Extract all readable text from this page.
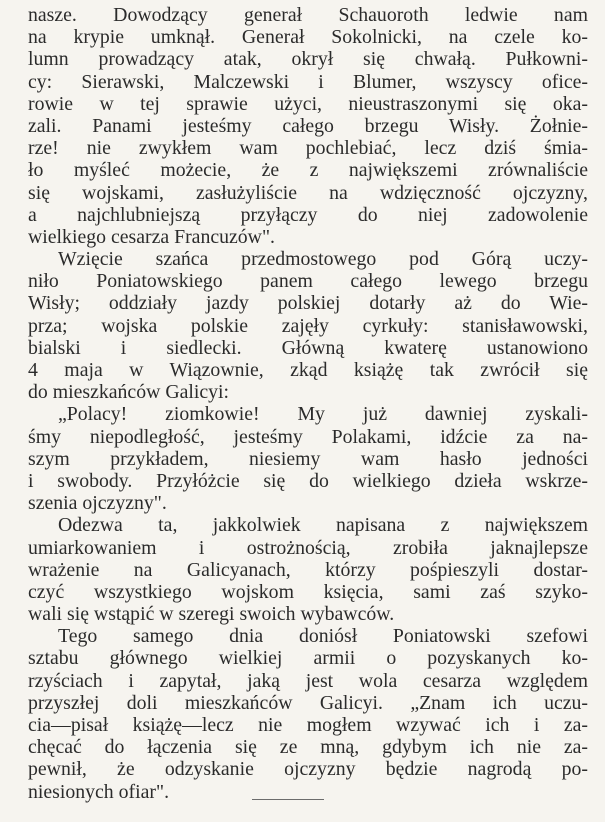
nasze. Dowodzący generał Schauoroth ledwie nam
na krypie umknął. Generał Sokolnicki, na czele ko-
lumn prowadzący atak, okrył się chwałą. Pułkowni-
cy: Sierawski, Malczewski i Blumer, wszyscy ofice-
rowie w tej sprawie użyci, nieustraszonymi się oka-
zali. Panami jesteśmy całego brzegu Wisły. Żołnie-
rze! nie zwykłem wam pochlebiać, lecz dziś śmia-
ło myśleć możecie, że z największemi zrównaliście
się wojskami, zasłużyliście na wdzięczność ojczyzny,
a najchlubniejszą przyłączy do niej zadowolenie
wielkiego cesarza Francuzów".
Wzięcie szańca przedmostowego pod Górą uczy-
niło Poniatowskiego panem całego lewego brzegu
Wisły; oddziały jazdy polskiej dotarły aż do Wie-
prza; wojska polskie zajęły cyrkuły: stanisławowski,
bialski i siedlecki. Główną kwaterę ustanowiono
4 maja w Wiązownie, zkąd książę tak zwrócił się
do mieszkańców Galicyi:
„Polacy! ziomkowie! My już dawniej zyskali-
śmy niepodległość, jesteśmy Polakami, idźcie za na-
szym przykładem, niesiemy wam hasło jedności
i swobody. Przyłóżcie się do wielkiego dzieła wskrze-
szenia ojczyzny".
Odezwa ta, jakkolwiek napisana z największem
umiarkowaniem i ostrożnością, zrobiła jaknajlepsze
wrażenie na Galicyanach, którzy pośpieszyli dostar-
czyć wszystkiego wojskom księcia, sami zaś szyko-
wali się wstąpić w szeregi swoich wybawców.
Tego samego dnia doniósł Poniatowski szefowi
sztabu głównego wielkiej armii o pozyskanych ko-
rzyściach i zapytał, jaką jest wola cesarza względem
przyszłej doli mieszkańców Galicyi. „Znam ich uczu-
cia—pisał książę—lecz nie mogłem wzywać ich i za-
chęcać do łączenia się ze mną, gdybym ich nie za-
pewnił, że odzyskanie ojczyzny będzie nagrodą po-
niesionych ofiar".
